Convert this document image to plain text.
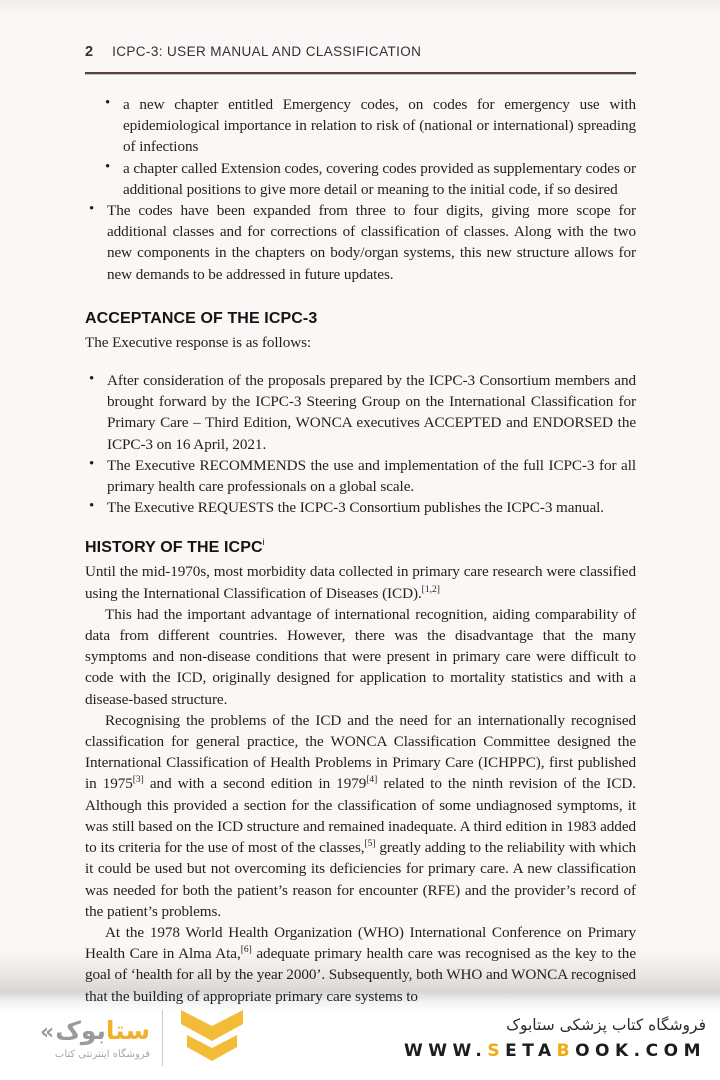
2 ICPC-3: USER MANUAL AND CLASSIFICATION
•
a new chapter entitled Emergency codes, on codes for emergency use with epidemiological importance in relation to risk of (national or international) spreading of infections
•
a chapter called Extension codes, covering codes provided as supplementary codes or additional positions to give more detail or meaning to the initial code, if so desired
•
The codes have been expanded from three to four digits, giving more scope for additional classes and for corrections of classification of classes. Along with the two new components in the chapters on body/organ systems, this new structure allows for new demands to be addressed in future updates.
ACCEPTANCE OF THE ICPC-3

The Executive response is as follows:

•
After consideration of the proposals prepared by the ICPC-3 Consortium members and brought forward by the ICPC-3 Steering Group on the International Classification for Primary Care – Third Edition, WONCA executives ACCEPTED and ENDORSED the ICPC-3 on 16 April, 2021.
•
The Executive RECOMMENDS the use and implementation of the full ICPC-3 for all primary health care professionals on a global scale.
•
The Executive REQUESTS the ICPC-3 Consortium publishes the ICPC-3 manual.
HISTORY OF THE ICPC$^i$

Until the mid-1970s, most morbidity data collected in primary care research were classified using the International Classification of Diseases (ICD).[1,2]

This had the important advantage of international recognition, aiding comparability of data from different countries. However, there was the disadvantage that the many symptoms and non-disease conditions that were present in primary care were difficult to code with the ICD, originally designed for application to mortality statistics and with a disease-based structure.

Recognising the problems of the ICD and the need for an internationally recognised classification for general practice, the WONCA Classification Committee designed the International Classification of Health Problems in Primary Care (ICHPPC), first published in 1975[3] and with a second edition in 1979[4] related to the ninth revision of the ICD. Although this provided a section for the classification of some undiagnosed symptoms, it was still based on the ICD structure and remained inadequate. A third edition in 1983 added to its criteria for the use of most of the classes,[5] greatly adding to the reliability with which it could be used but not overcoming its deficiencies for primary care. A new classification was needed for both the patient’s reason for encounter (RFE) and the provider’s record of the patient’s problems.

At the 1978 World Health Organization (WHO) International Conference on Primary Health Care in Alma Ata,[6] adequate primary health care was recognised as the key to the goal of ‘health for all by the year 2000’. Subsequently, both WHO and WONCA recognised that the building of appropriate primary care systems to

« بوک ستا
فروشگاه اینترنتی کتاب
فروشگاه کتاب پزشکی ستابوک
WWW.SETABOOK.COM
